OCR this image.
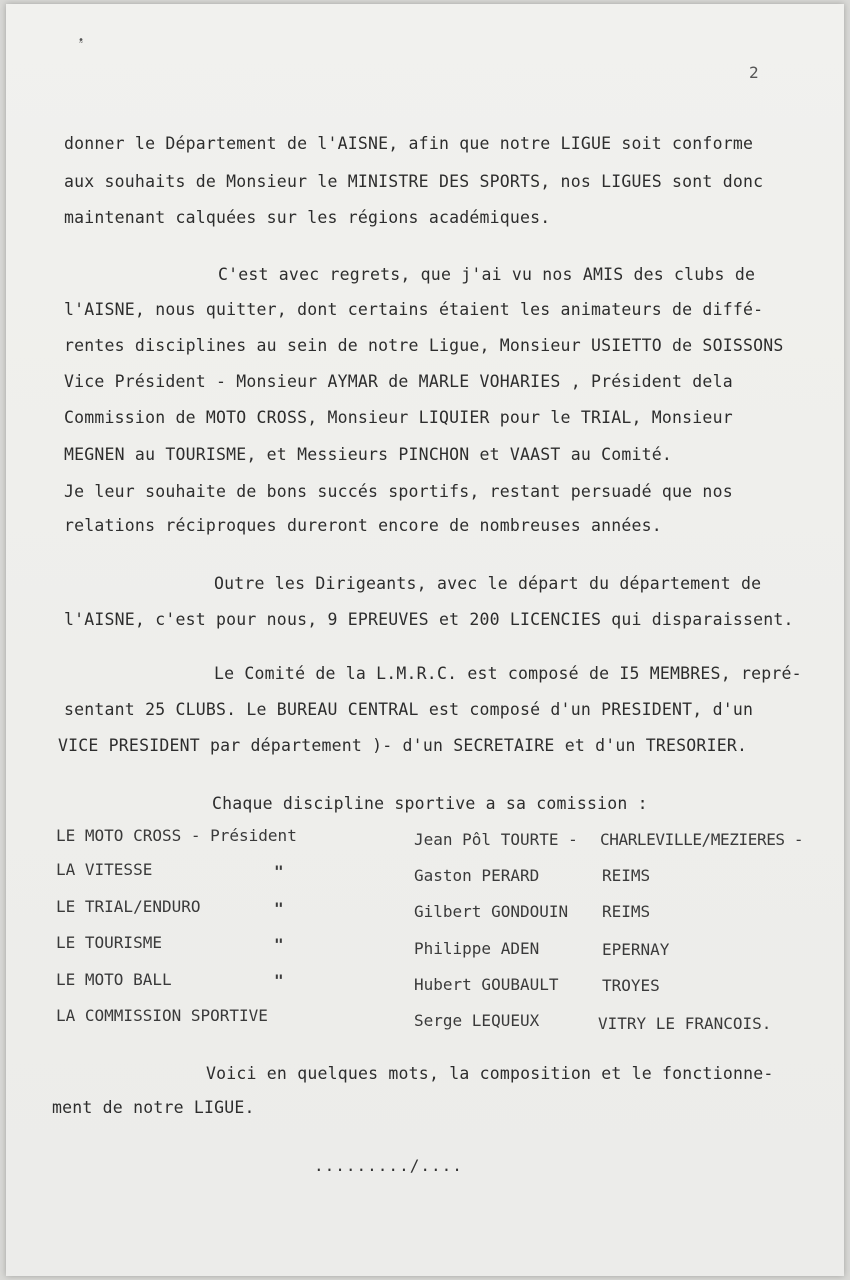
• ˜
2
donner le Département de l'AISNE, afin que notre LIGUE soit conforme
aux souhaits de Monsieur le MINISTRE DES SPORTS, nos LIGUES sont donc
maintenant calquées sur les régions académiques.
C'est avec regrets, que j'ai vu nos AMIS des clubs de
l'AISNE, nous quitter, dont certains étaient les animateurs de diffé-
rentes disciplines au sein de notre Ligue, Monsieur USIETTO de SOISSONS
Vice Président - Monsieur AYMAR de MARLE VOHARIES , Président dela
Commission de MOTO CROSS, Monsieur LIQUIER pour le TRIAL, Monsieur
MEGNEN au TOURISME, et Messieurs PINCHON et VAAST au Comité.
Je leur souhaite de bons succés sportifs, restant persuadé que nos
relations réciproques dureront encore de nombreuses années.
Outre les Dirigeants, avec le départ du département de
l'AISNE, c'est pour nous, 9 EPREUVES et 200 LICENCIES qui disparaissent.
Le Comité de la L.M.R.C. est composé de I5 MEMBRES, repré-
sentant 25 CLUBS. Le BUREAU CENTRAL est composé d'un PRESIDENT, d'un
VICE PRESIDENT par département )- d'un SECRETAIRE et d'un TRESORIER.
Chaque discipline sportive a sa comission :
LE MOTO CROSS - Président	Jean Pôl TOURTE - CHARLEVILLE/MEZIERES -
LA VITESSE	"	Gaston PERARD	REIMS
LE TRIAL/ENDURO	"	Gilbert GONDOUIN REIMS
LE TOURISME	"	Philippe ADEN	EPERNAY
LE MOTO BALL	"	Hubert GOUBAULT	TROYES
LA COMMISSION SPORTIVE	Serge LEQUEUX	VITRY LE FRANCOIS.
Voici en quelques mots, la composition et le fonctionne-
ment de notre LIGUE.
........./....
